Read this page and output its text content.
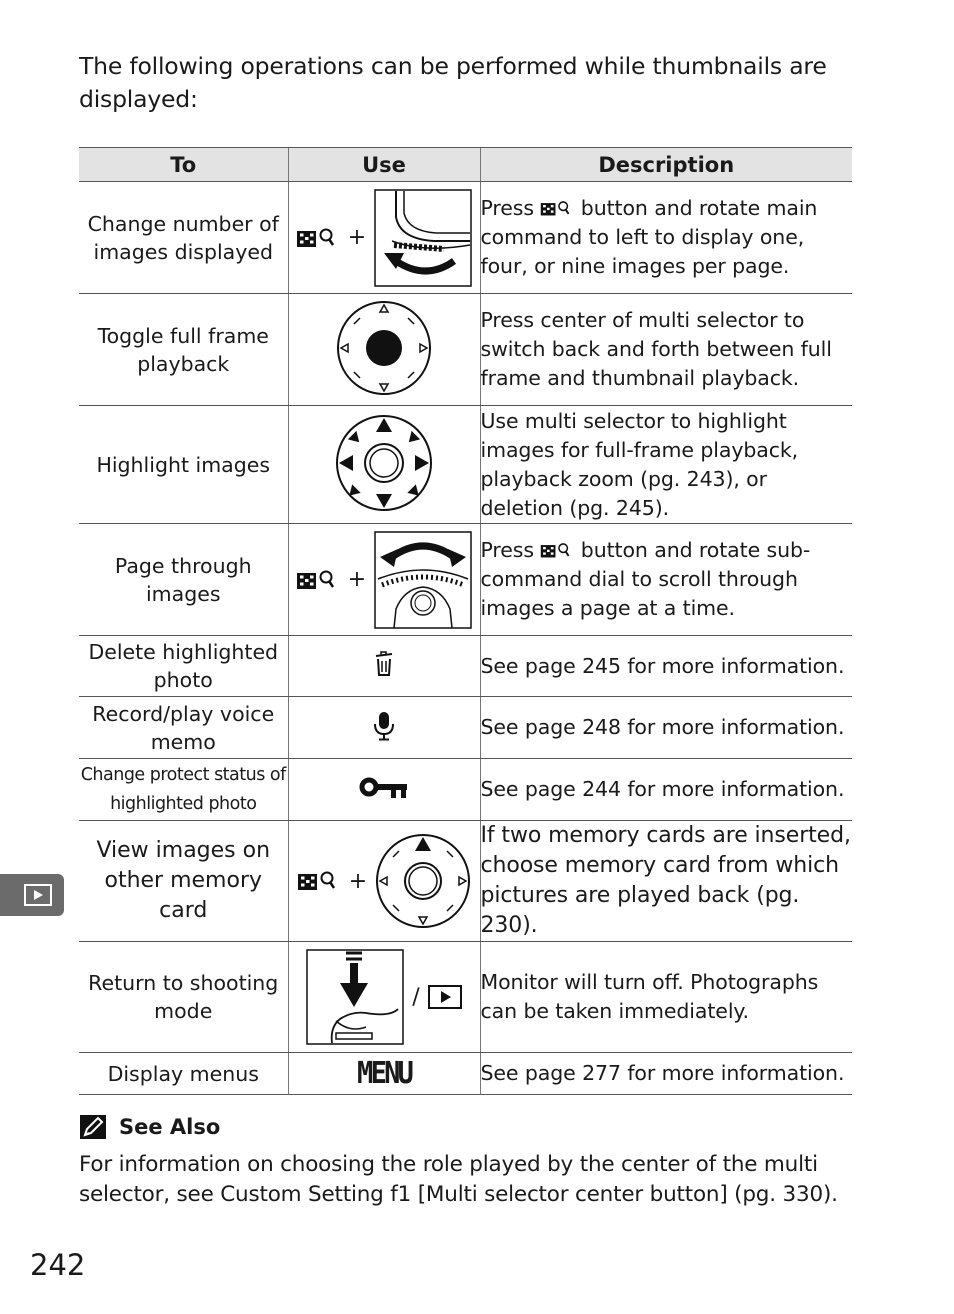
The following operations can be performed while thumbnails are displayed:
To	Use	Description
Change number of images displayed	+	Press button and rotate main command to left to display one, four, or nine images per page.
Toggle full frame playback		Press center of multi selector to switch back and forth between full frame and thumbnail playback.
Highlight images		Use multi selector to highlight images for full-frame playback, playback zoom (pg. 243), or deletion (pg. 245).
Page through images	+	Press button and rotate sub-command dial to scroll through images a page at a time.
Delete highlighted photo		See page 245 for more information.
Record/play voice memo		See page 248 for more information.
Change protect status of highlighted photo		See page 244 for more information.
View images on other memory card	+	If two memory cards are inserted, choose memory card from which pictures are played back (pg. 230).
Return to shooting mode	/	Monitor will turn off. Photographs can be taken immediately.
Display menus	MENU	See page 277 for more information.
See Also
For information on choosing the role played by the center of the multi selector, see Custom Setting f1 [Multi selector center button] (pg. 330).
242
